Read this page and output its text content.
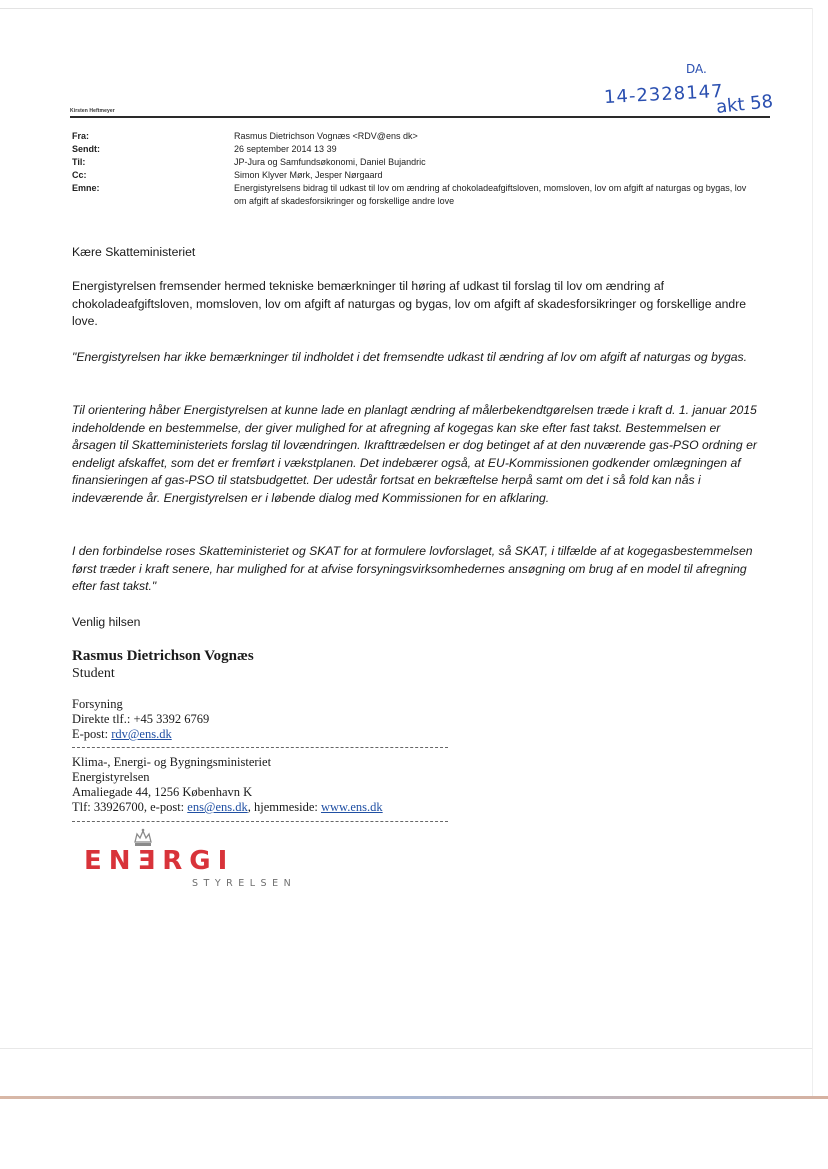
DA.
14-2328147
akt 58
Kirsten Heftmeyer
Fra:	Rasmus Dietrichson Vognæs <RDV@ens dk>
Sendt:	26 september 2014 13 39
Til:	JP-Jura og Samfundsøkonomi, Daniel Bujandric
Cc:	Simon Klyver Mørk, Jesper Nørgaard
Emne:	Energistyrelsens bidrag til udkast til lov om ændring af chokoladeafgiftsloven, momsloven, lov om afgift af naturgas og bygas, lov om afgift af skadesforsikringer og forskellige andre love
Kære Skatteministeriet
Energistyrelsen fremsender hermed tekniske bemærkninger til høring af udkast til forslag til lov om ændring af chokoladeafgiftsloven, momsloven, lov om afgift af naturgas og bygas, lov om afgift af skadesforsikringer og forskellige andre love.
"Energistyrelsen har ikke bemærkninger til indholdet i det fremsendte udkast til ændring af lov om afgift af naturgas og bygas.
Til orientering håber Energistyrelsen at kunne lade en planlagt ændring af målerbekendtgørelsen træde i kraft d. 1. januar 2015 indeholdende en bestemmelse, der giver mulighed for at afregning af kogegas kan ske efter fast takst. Bestemmelsen er årsagen til Skatteministeriets forslag til lovændringen. Ikrafttrædelsen er dog betinget af at den nuværende gas-PSO ordning er endeligt afskaffet, som det er fremført i vækstplanen. Det indebærer også, at EU-Kommissionen godkender omlægningen af finansieringen af gas-PSO til statsbudgettet. Der udestår fortsat en bekræftelse herpå samt om det i så fold kan nås i indeværende år. Energistyrelsen er i løbende dialog med Kommissionen for en afklaring.
I den forbindelse roses Skatteministeriet og SKAT for at formulere lovforslaget, så SKAT, i tilfælde af at kogegasbestemmelsen først træder i kraft senere, har mulighed for at afvise forsyningsvirksomhedernes ansøgning om brug af en model til afregning efter fast takst."
Venlig hilsen
Rasmus Dietrichson Vognæs
Student
Forsyning
Direkte tlf.: +45 3392 6769
E-post: rdv@ens.dk
Klima-, Energi- og Bygningsministeriet
Energistyrelsen
Amaliegade 44, 1256 København K
Tlf: 33926700, e-post: ens@ens.dk, hjemmeside: www.ens.dk
ENƎRGI
STYRELSEN
